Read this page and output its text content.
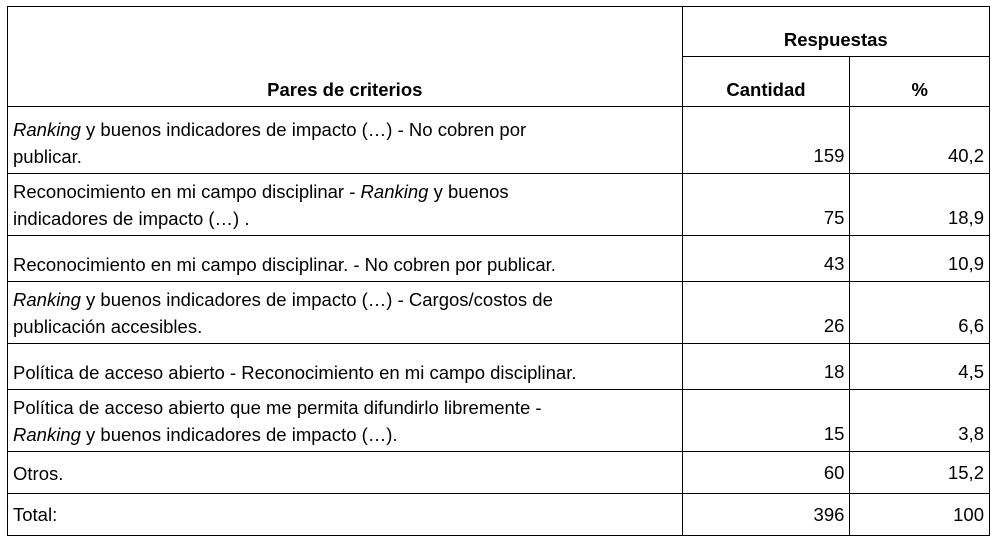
Pares de criterios	Respuestas	
	Cantidad	%
Ranking y buenos indicadores de impacto (…) - No cobren por
publicar.	159	40,2
Reconocimiento en mi campo disciplinar - Ranking y buenos
indicadores de impacto (…) .	75	18,9
Reconocimiento en mi campo disciplinar. - No cobren por publicar.	43	10,9
Ranking y buenos indicadores de impacto (…) - Cargos/costos de
publicación accesibles.	26	6,6
Política de acceso abierto - Reconocimiento en mi campo disciplinar.	18	4,5
Política de acceso abierto que me permita difundirlo libremente -
Ranking y buenos indicadores de impacto (…).	15	3,8
Otros.	60	15,2
Total:	396	100
